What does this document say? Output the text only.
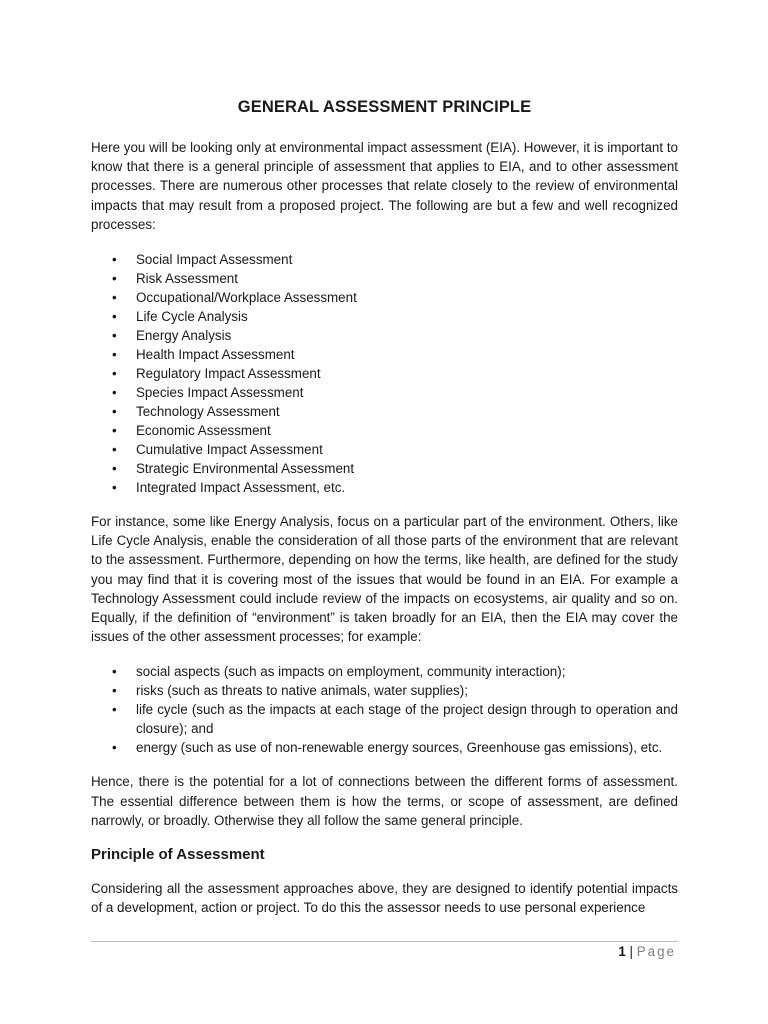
GENERAL ASSESSMENT PRINCIPLE

Here you will be looking only at environmental impact assessment (EIA). However, it is important to know that there is a general principle of assessment that applies to EIA, and to other assessment processes. There are numerous other processes that relate closely to the review of environmental impacts that may result from a proposed project. The following are but a few and well recognized processes:

• Social Impact Assessment
• Risk Assessment
• Occupational/Workplace Assessment
• Life Cycle Analysis
• Energy Analysis
• Health Impact Assessment
• Regulatory Impact Assessment
• Species Impact Assessment
• Technology Assessment
• Economic Assessment
• Cumulative Impact Assessment
• Strategic Environmental Assessment
• Integrated Impact Assessment, etc.

For instance, some like Energy Analysis, focus on a particular part of the environment. Others, like Life Cycle Analysis, enable the consideration of all those parts of the environment that are relevant to the assessment. Furthermore, depending on how the terms, like health, are defined for the study you may find that it is covering most of the issues that would be found in an EIA. For example a Technology Assessment could include review of the impacts on ecosystems, air quality and so on. Equally, if the definition of “environment” is taken broadly for an EIA, then the EIA may cover the issues of the other assessment processes; for example:

• social aspects (such as impacts on employment, community interaction);
• risks (such as threats to native animals, water supplies);
• life cycle (such as the impacts at each stage of the project design through to operation and closure); and
• energy (such as use of non-renewable energy sources, Greenhouse gas emissions), etc.

Hence, there is the potential for a lot of connections between the different forms of assessment. The essential difference between them is how the terms, or scope of assessment, are defined narrowly, or broadly. Otherwise they all follow the same general principle.

Principle of Assessment

Considering all the assessment approaches above, they are designed to identify potential impacts of a development, action or project. To do this the assessor needs to use personal experience

1 | Page
